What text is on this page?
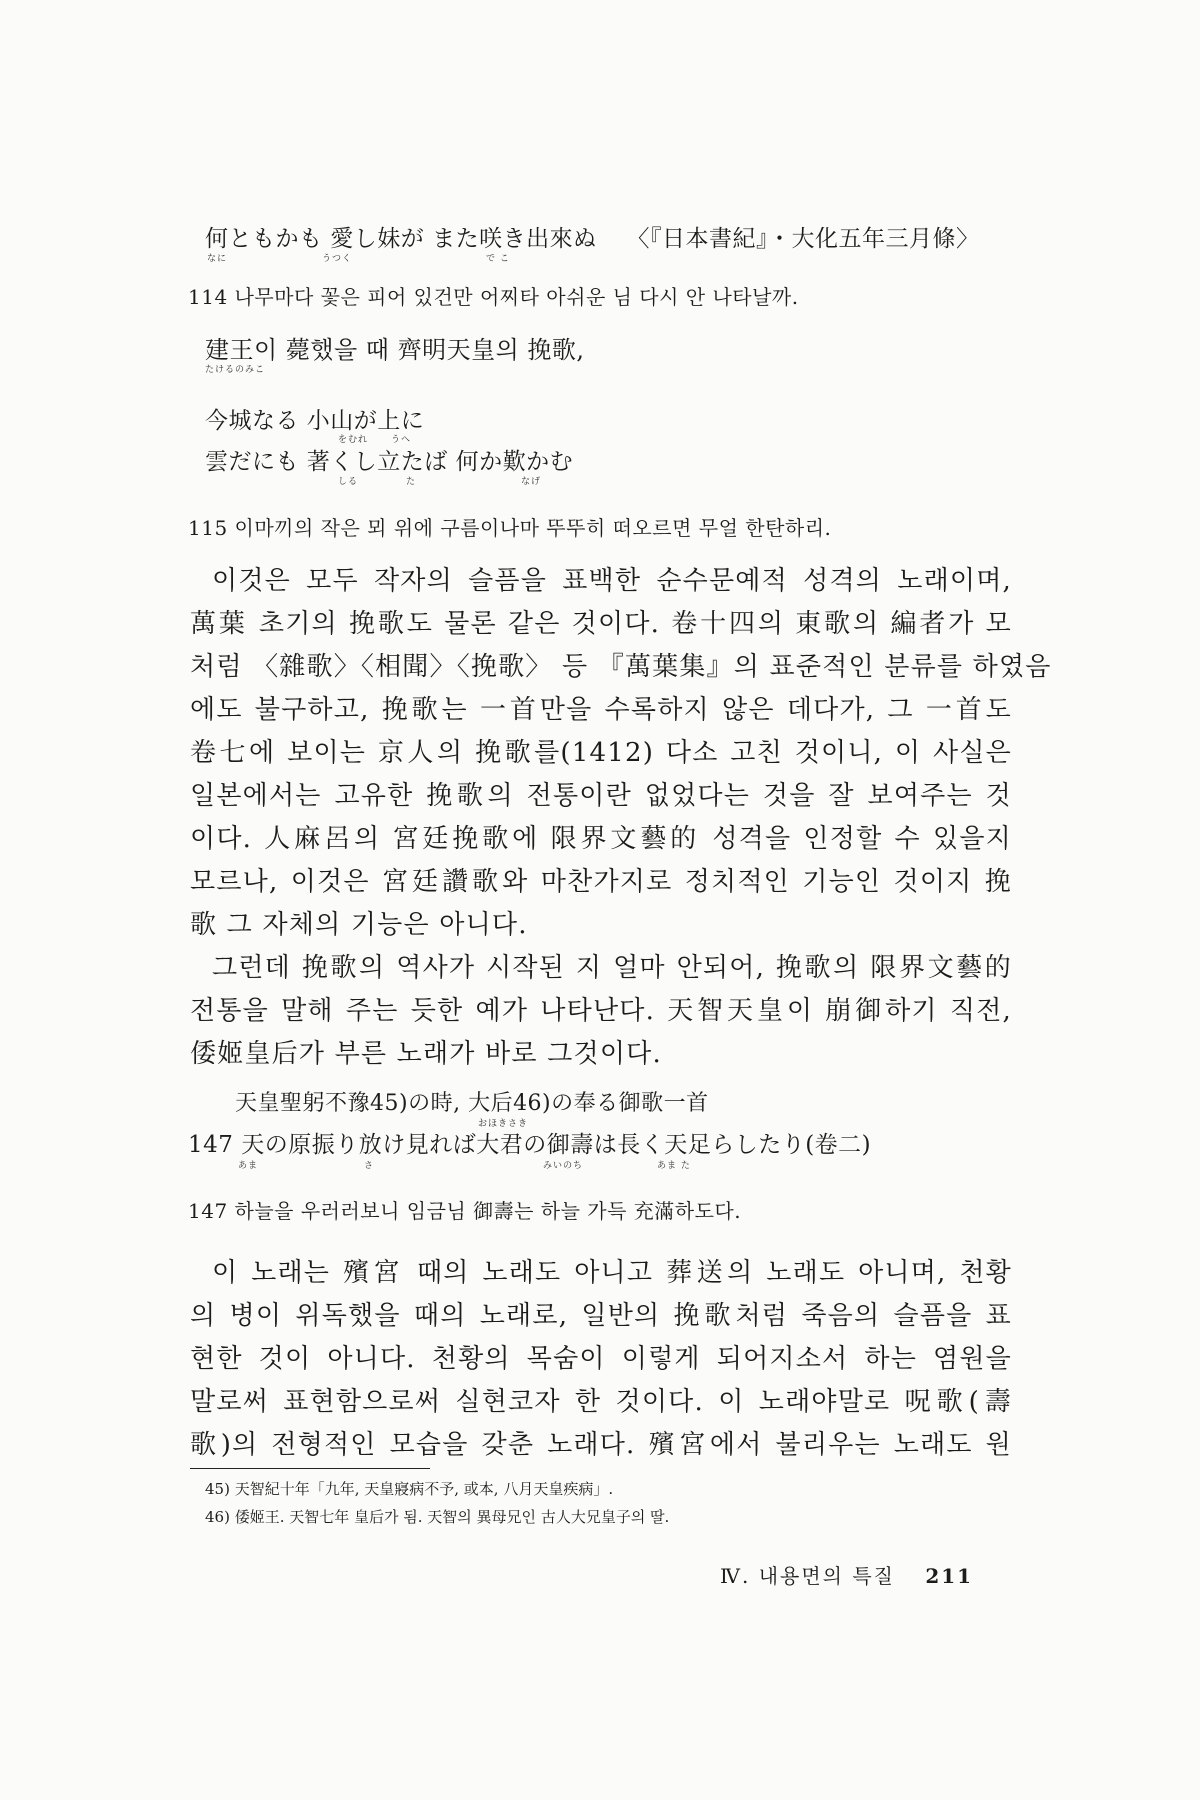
何ともかも 愛し妹が また咲き出來ぬ 〈『日本書紀』・大化五年三月條〉
なに	うつく	で こ
114 나무마다 꽃은 피어 있건만 어찌타 아쉬운 님 다시 안 나타날까.
建王이 薨했을 때 齊明天皇의 挽歌,
たけるのみこ
今城なる 小山が上に
をむれ	うへ
雲だにも 著くし立たば 何か歎かむ
しる	た	なげ
115 이마끼의 작은 뫼 위에 구름이나마 뚜뚜히 떠오르면 무얼 한탄하리.
이것은 모두 작자의 슬픔을 표백한 순수문예적 성격의 노래이며,
萬葉 초기의 挽歌도 물론 같은 것이다. 卷十四의 東歌의 編者가 모
처럼 〈雜歌〉〈相聞〉〈挽歌〉 등 『萬葉集』의 표준적인 분류를 하였음
에도 불구하고, 挽歌는 一首만을 수록하지 않은 데다가, 그 一首도
卷七에 보이는 京人의 挽歌를(1412) 다소 고친 것이니, 이 사실은
일본에서는 고유한 挽歌의 전통이란 없었다는 것을 잘 보여주는 것
이다. 人麻呂의 宮廷挽歌에 限界文藝的 성격을 인정할 수 있을지
모르나, 이것은 宮廷讚歌와 마찬가지로 정치적인 기능인 것이지 挽
歌 그 자체의 기능은 아니다.
그런데 挽歌의 역사가 시작된 지 얼마 안되어, 挽歌의 限界文藝的
전통을 말해 주는 듯한 예가 나타난다. 天智天皇이 崩御하기 직전,
倭姬皇后가 부른 노래가 바로 그것이다.
天皇聖躬不豫45)の時, 大后46)の奉る御歌一首
おほきさき
147 天の原振り放け見れば大君の御壽は長く天足らしたり(卷二)
あま	さ	みいのち	あま た
147 하늘을 우러러보니 임금님 御壽는 하늘 가득 充滿하도다.
이 노래는 殯宮 때의 노래도 아니고 葬送의 노래도 아니며, 천황
의 병이 위독했을 때의 노래로, 일반의 挽歌처럼 죽음의 슬픔을 표
현한 것이 아니다. 천황의 목숨이 이렇게 되어지소서 하는 염원을
말로써 표현함으로써 실현코자 한 것이다. 이 노래야말로 呪歌(壽
歌)의 전형적인 모습을 갖춘 노래다. 殯宮에서 불리우는 노래도 원
45) 天智紀十年「九年, 天皇寢病不予, 或本, 八月天皇疾病」.
46) 倭姬王. 天智七年 皇后가 됨. 天智의 異母兄인 古人大兄皇子의 딸.
Ⅳ. 내용면의 특질 211
